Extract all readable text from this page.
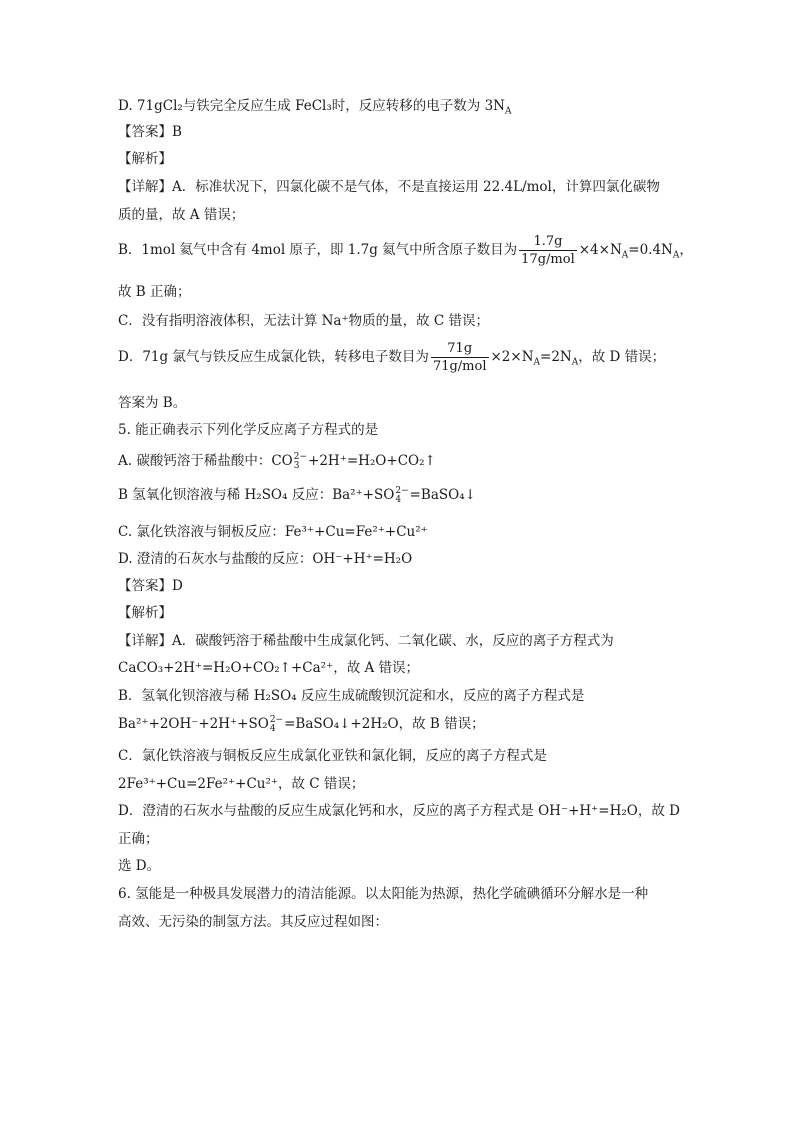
D. 71gCl₂与铁完全反应生成 FeCl₃时，反应转移的电子数为 $3N_A$
【答案】B
【解析】
【详解】A．标准状况下，四氯化碳不是气体，不是直接运用 22.4L/mol，计算四氯化碳物
质的量，故 A 错误；
B．1mol 氦气中含有 4mol 原子，即 1.7g 氦气中所含原子数目为 $\frac{1.7g}{\text{17g/mol}} \times 4\times N_A=0.4N_A$，
故 B 正确；
C．没有指明溶液体积，无法计算 Na⁺物质的量，故 C 错误；
D．71g 氯气与铁反应生成氯化铁，转移电子数目为 $\frac{71g}{\text{71g/mol}} \times 2\times N_A=2N_A$，故 D 错误；
答案为 B。
5. 能正确表示下列化学反应离子方程式的是
A. 碳酸钙溶于稀盐酸中：CO 2−
3 +2H⁺=H₂O+CO₂↑
B 氢氧化钡溶液与稀 H₂SO₄ 反应：Ba²⁺+SO 2−
4 =BaSO₄↓
C. 氯化铁溶液与铜板反应：Fe³⁺+Cu=Fe²⁺+Cu²⁺
D. 澄清的石灰水与盐酸的反应：OH⁻+H⁺=H₂O
【答案】D
【解析】
【详解】A．碳酸钙溶于稀盐酸中生成氯化钙、二氧化碳、水，反应的离子方程式为
CaCO₃+2H⁺=H₂O+CO₂↑+Ca²⁺，故 A 错误；
B．氢氧化钡溶液与稀 H₂SO₄ 反应生成硫酸钡沉淀和水，反应的离子方程式是
Ba²⁺+2OH⁻+2H⁺+SO 2−
4 =BaSO₄↓+2H₂O，故 B 错误；
C．氯化铁溶液与铜板反应生成氯化亚铁和氯化铜，反应的离子方程式是
2Fe³⁺+Cu=2Fe²⁺+Cu²⁺，故 C 错误；
D．澄清的石灰水与盐酸的反应生成氯化钙和水，反应的离子方程式是 OH⁻+H⁺=H₂O，故 D
正确；
选 D。
6. 氢能是一种极具发展潜力的清洁能源。以太阳能为热源，热化学硫碘循环分解水是一种
高效、无污染的制氢方法。其反应过程如图：
